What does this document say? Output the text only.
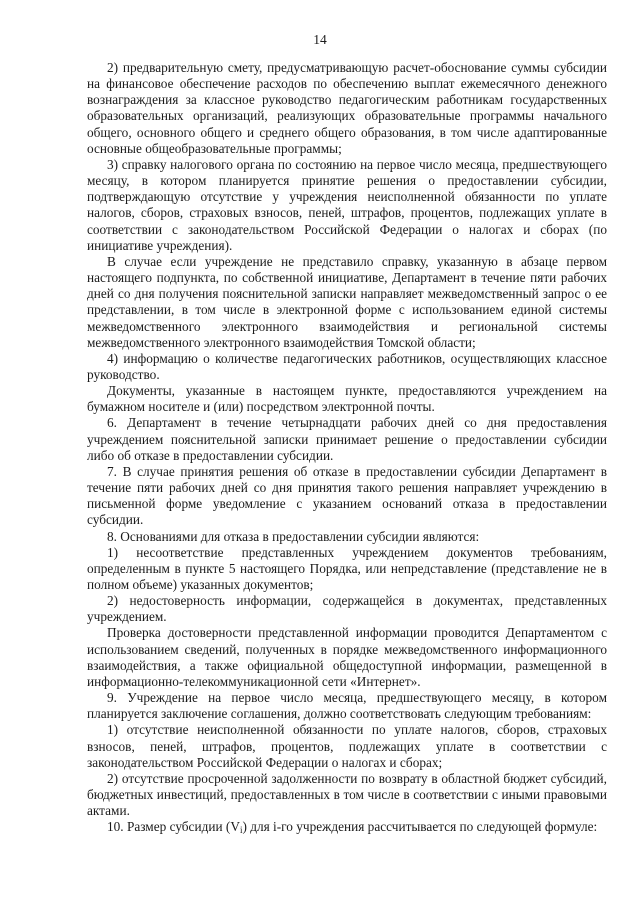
14

2) предварительную смету, предусматривающую расчет-обоснование суммы субсидии на финансовое обеспечение расходов по обеспечению выплат ежемесячного денежного вознаграждения за классное руководство педагогическим работникам государственных образовательных организаций, реализующих образовательные программы начального общего, основного общего и среднего общего образования, в том числе адаптированные основные общеобразовательные программы;

3) справку налогового органа по состоянию на первое число месяца, предшествующего месяцу, в котором планируется принятие решения о предоставлении субсидии, подтверждающую отсутствие у учреждения неисполненной обязанности по уплате налогов, сборов, страховых взносов, пеней, штрафов, процентов, подлежащих уплате в соответствии с законодательством Российской Федерации о налогах и сборах (по инициативе учреждения).

В случае если учреждение не представило справку, указанную в абзаце первом настоящего подпункта, по собственной инициативе, Департамент в течение пяти рабочих дней со дня получения пояснительной записки направляет межведомственный запрос о ее представлении, в том числе в электронной форме с использованием единой системы межведомственного электронного взаимодействия и региональной системы межведомственного электронного взаимодействия Томской области;

4) информацию о количестве педагогических работников, осуществляющих классное руководство.

Документы, указанные в настоящем пункте, предоставляются учреждением на бумажном носителе и (или) посредством электронной почты.

6. Департамент в течение четырнадцати рабочих дней со дня предоставления учреждением пояснительной записки принимает решение о предоставлении субсидии либо об отказе в предоставлении субсидии.

7. В случае принятия решения об отказе в предоставлении субсидии Департамент в течение пяти рабочих дней со дня принятия такого решения направляет учреждению в письменной форме уведомление с указанием оснований отказа в предоставлении субсидии.

8. Основаниями для отказа в предоставлении субсидии являются:

1) несоответствие представленных учреждением документов требованиям, определенным в пункте 5 настоящего Порядка, или непредставление (представление не в полном объеме) указанных документов;

2) недостоверность информации, содержащейся в документах, представленных учреждением.

Проверка достоверности представленной информации проводится Департаментом с использованием сведений, полученных в порядке межведомственного информационного взаимодействия, а также официальной общедоступной информации, размещенной в информационно-телекоммуникационной сети «Интернет».

9. Учреждение на первое число месяца, предшествующего месяцу, в котором планируется заключение соглашения, должно соответствовать следующим требованиям:

1) отсутствие неисполненной обязанности по уплате налогов, сборов, страховых взносов, пеней, штрафов, процентов, подлежащих уплате в соответствии с законодательством Российской Федерации о налогах и сборах;

2) отсутствие просроченной задолженности по возврату в областной бюджет субсидий, бюджетных инвестиций, предоставленных в том числе в соответствии с иными правовыми актами.

10. Размер субсидии $(V_i)$ для i-го учреждения рассчитывается по следующей формуле:
